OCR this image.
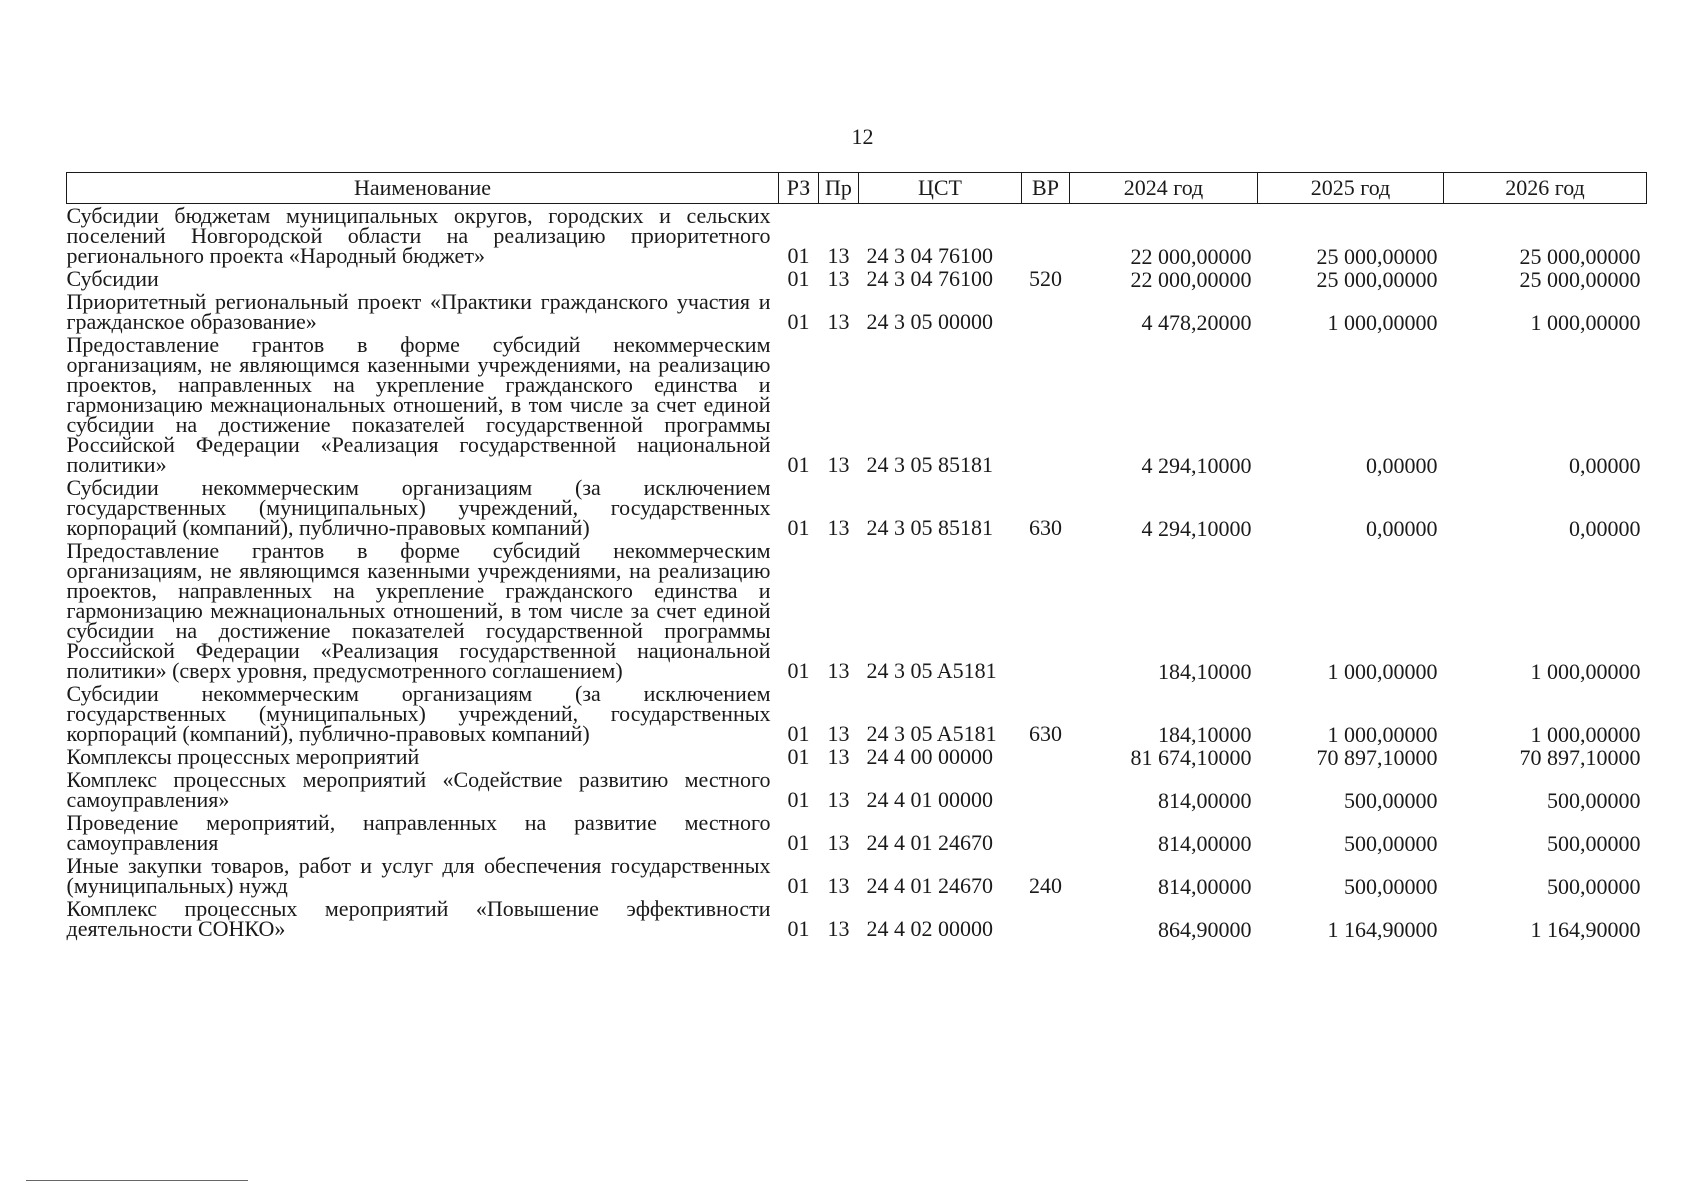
12
Наименование	РЗ	Пр	ЦСТ	ВР	2024 год	2025 год	2026 год
Субсидии бюджетам муниципальных округов, городских и сельских поселений Новгородской области на реализацию приоритетного регионального проекта «Народный бюджет»	01	13	24 3 04 76100		22 000,00000	25 000,00000	25 000,00000
Субсидии	01	13	24 3 04 76100	520	22 000,00000	25 000,00000	25 000,00000
Приоритетный региональный проект «Практики гражданского участия и гражданское образование»	01	13	24 3 05 00000		4 478,20000	1 000,00000	1 000,00000
Предоставление грантов в форме субсидий некоммерческим организациям, не являющимся казенными учреждениями, на реализацию проектов, направленных на укрепление гражданского единства и гармонизацию межнациональных отношений, в том числе за счет единой субсидии на достижение показателей государственной программы Российской Федерации «Реализация государственной национальной политики»	01	13	24 3 05 85181		4 294,10000	0,00000	0,00000
Субсидии некоммерческим организациям (за исключением государственных (муниципальных) учреждений, государственных корпораций (компаний), публично-правовых компаний)	01	13	24 3 05 85181	630	4 294,10000	0,00000	0,00000
Предоставление грантов в форме субсидий некоммерческим организациям, не являющимся казенными учреждениями, на реализацию проектов, направленных на укрепление гражданского единства и гармонизацию межнациональных отношений, в том числе за счет единой субсидии на достижение показателей государственной программы Российской Федерации «Реализация государственной национальной политики» (сверх уровня, предусмотренного соглашением)	01	13	24 3 05 A5181		184,10000	1 000,00000	1 000,00000
Субсидии некоммерческим организациям (за исключением государственных (муниципальных) учреждений, государственных корпораций (компаний), публично-правовых компаний)	01	13	24 3 05 A5181	630	184,10000	1 000,00000	1 000,00000
Комплексы процессных мероприятий	01	13	24 4 00 00000		81 674,10000	70 897,10000	70 897,10000
Комплекс процессных мероприятий «Содействие развитию местного самоуправления»	01	13	24 4 01 00000		814,00000	500,00000	500,00000
Проведение мероприятий, направленных на развитие местного самоуправления	01	13	24 4 01 24670		814,00000	500,00000	500,00000
Иные закупки товаров, работ и услуг для обеспечения государственных (муниципальных) нужд	01	13	24 4 01 24670	240	814,00000	500,00000	500,00000
Комплекс процессных мероприятий «Повышение эффективности деятельности СОНКО»	01	13	24 4 02 00000		864,90000	1 164,90000	1 164,90000
